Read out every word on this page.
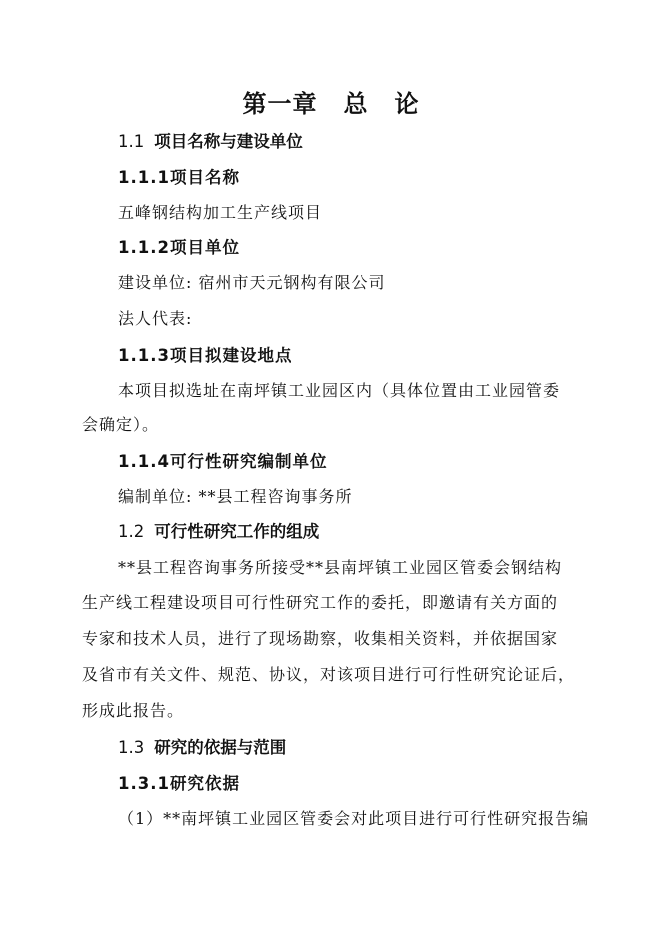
第一章 总 论
1.1 项目名称与建设单位
1.1.1项目名称
五峰钢结构加工生产线项目
1.1.2项目单位
建设单位: 宿州市天元钢构有限公司
法人代表:
1.1.3项目拟建设地点
本项目拟选址在南坪镇工业园区内（具体位置由工业园管委
会确定）。
1.1.4可行性研究编制单位
编制单位: **县工程咨询事务所
1.2 可行性研究工作的组成
**县工程咨询事务所接受**县南坪镇工业园区管委会钢结构
生产线工程建设项目可行性研究工作的委托，即邀请有关方面的
专家和技术人员，进行了现场勘察，收集相关资料，并依据国家
及省市有关文件、规范、协议，对该项目进行可行性研究论证后，
形成此报告。
1.3 研究的依据与范围
1.3.1研究依据
（1）**南坪镇工业园区管委会对此项目进行可行性研究报告编
